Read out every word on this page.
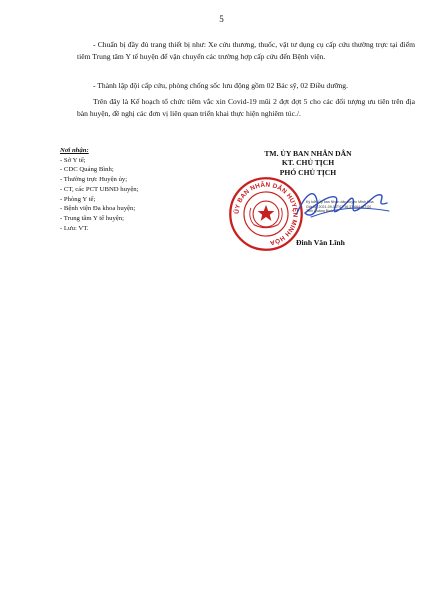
5

- Chuẩn bị đầy đủ trang thiết bị như: Xe cứu thương, thuốc, vật tư dụng cụ cấp cứu thường trực tại điểm tiêm Trung tâm Y tế huyện để vận chuyển các trường hợp cấp cứu đến Bệnh viện.

- Thành lập đội cấp cứu, phòng chống sốc lưu động gồm 02 Bác sỹ, 02 Điều dưỡng.

Trên đây là Kế hoạch tổ chức tiêm vắc xin Covid-19 mũi 2 đợt đợt 5 cho các đối tượng ưu tiên trên địa bàn huyện, đề nghị các đơn vị liên quan triển khai thực hiện nghiêm túc./.

Nơi nhận:
- Sở Y tế;
- CDC Quảng Bình;
- Thường trực Huyện ủy;
- CT, các PCT UBND huyện;
- Phòng Y tế;
- Bệnh viện Đa khoa huyện;
- Trung tâm Y tế huyện;
- Lưu: VT.
TM. ỦY BAN NHÂN DÂN
KT. CHỦ TỊCH
PHÓ CHỦ TỊCH
ỦY BAN NHÂN DÂN HUYỆN MINH HÓA
Ký bởi: Ủy ban Nhân dân huyện Minh Hóa
Giờ ký: 2021-09-10T07:16:37.664+07:00
Tỉnh Quảng Bình
Đinh Văn Lĩnh
